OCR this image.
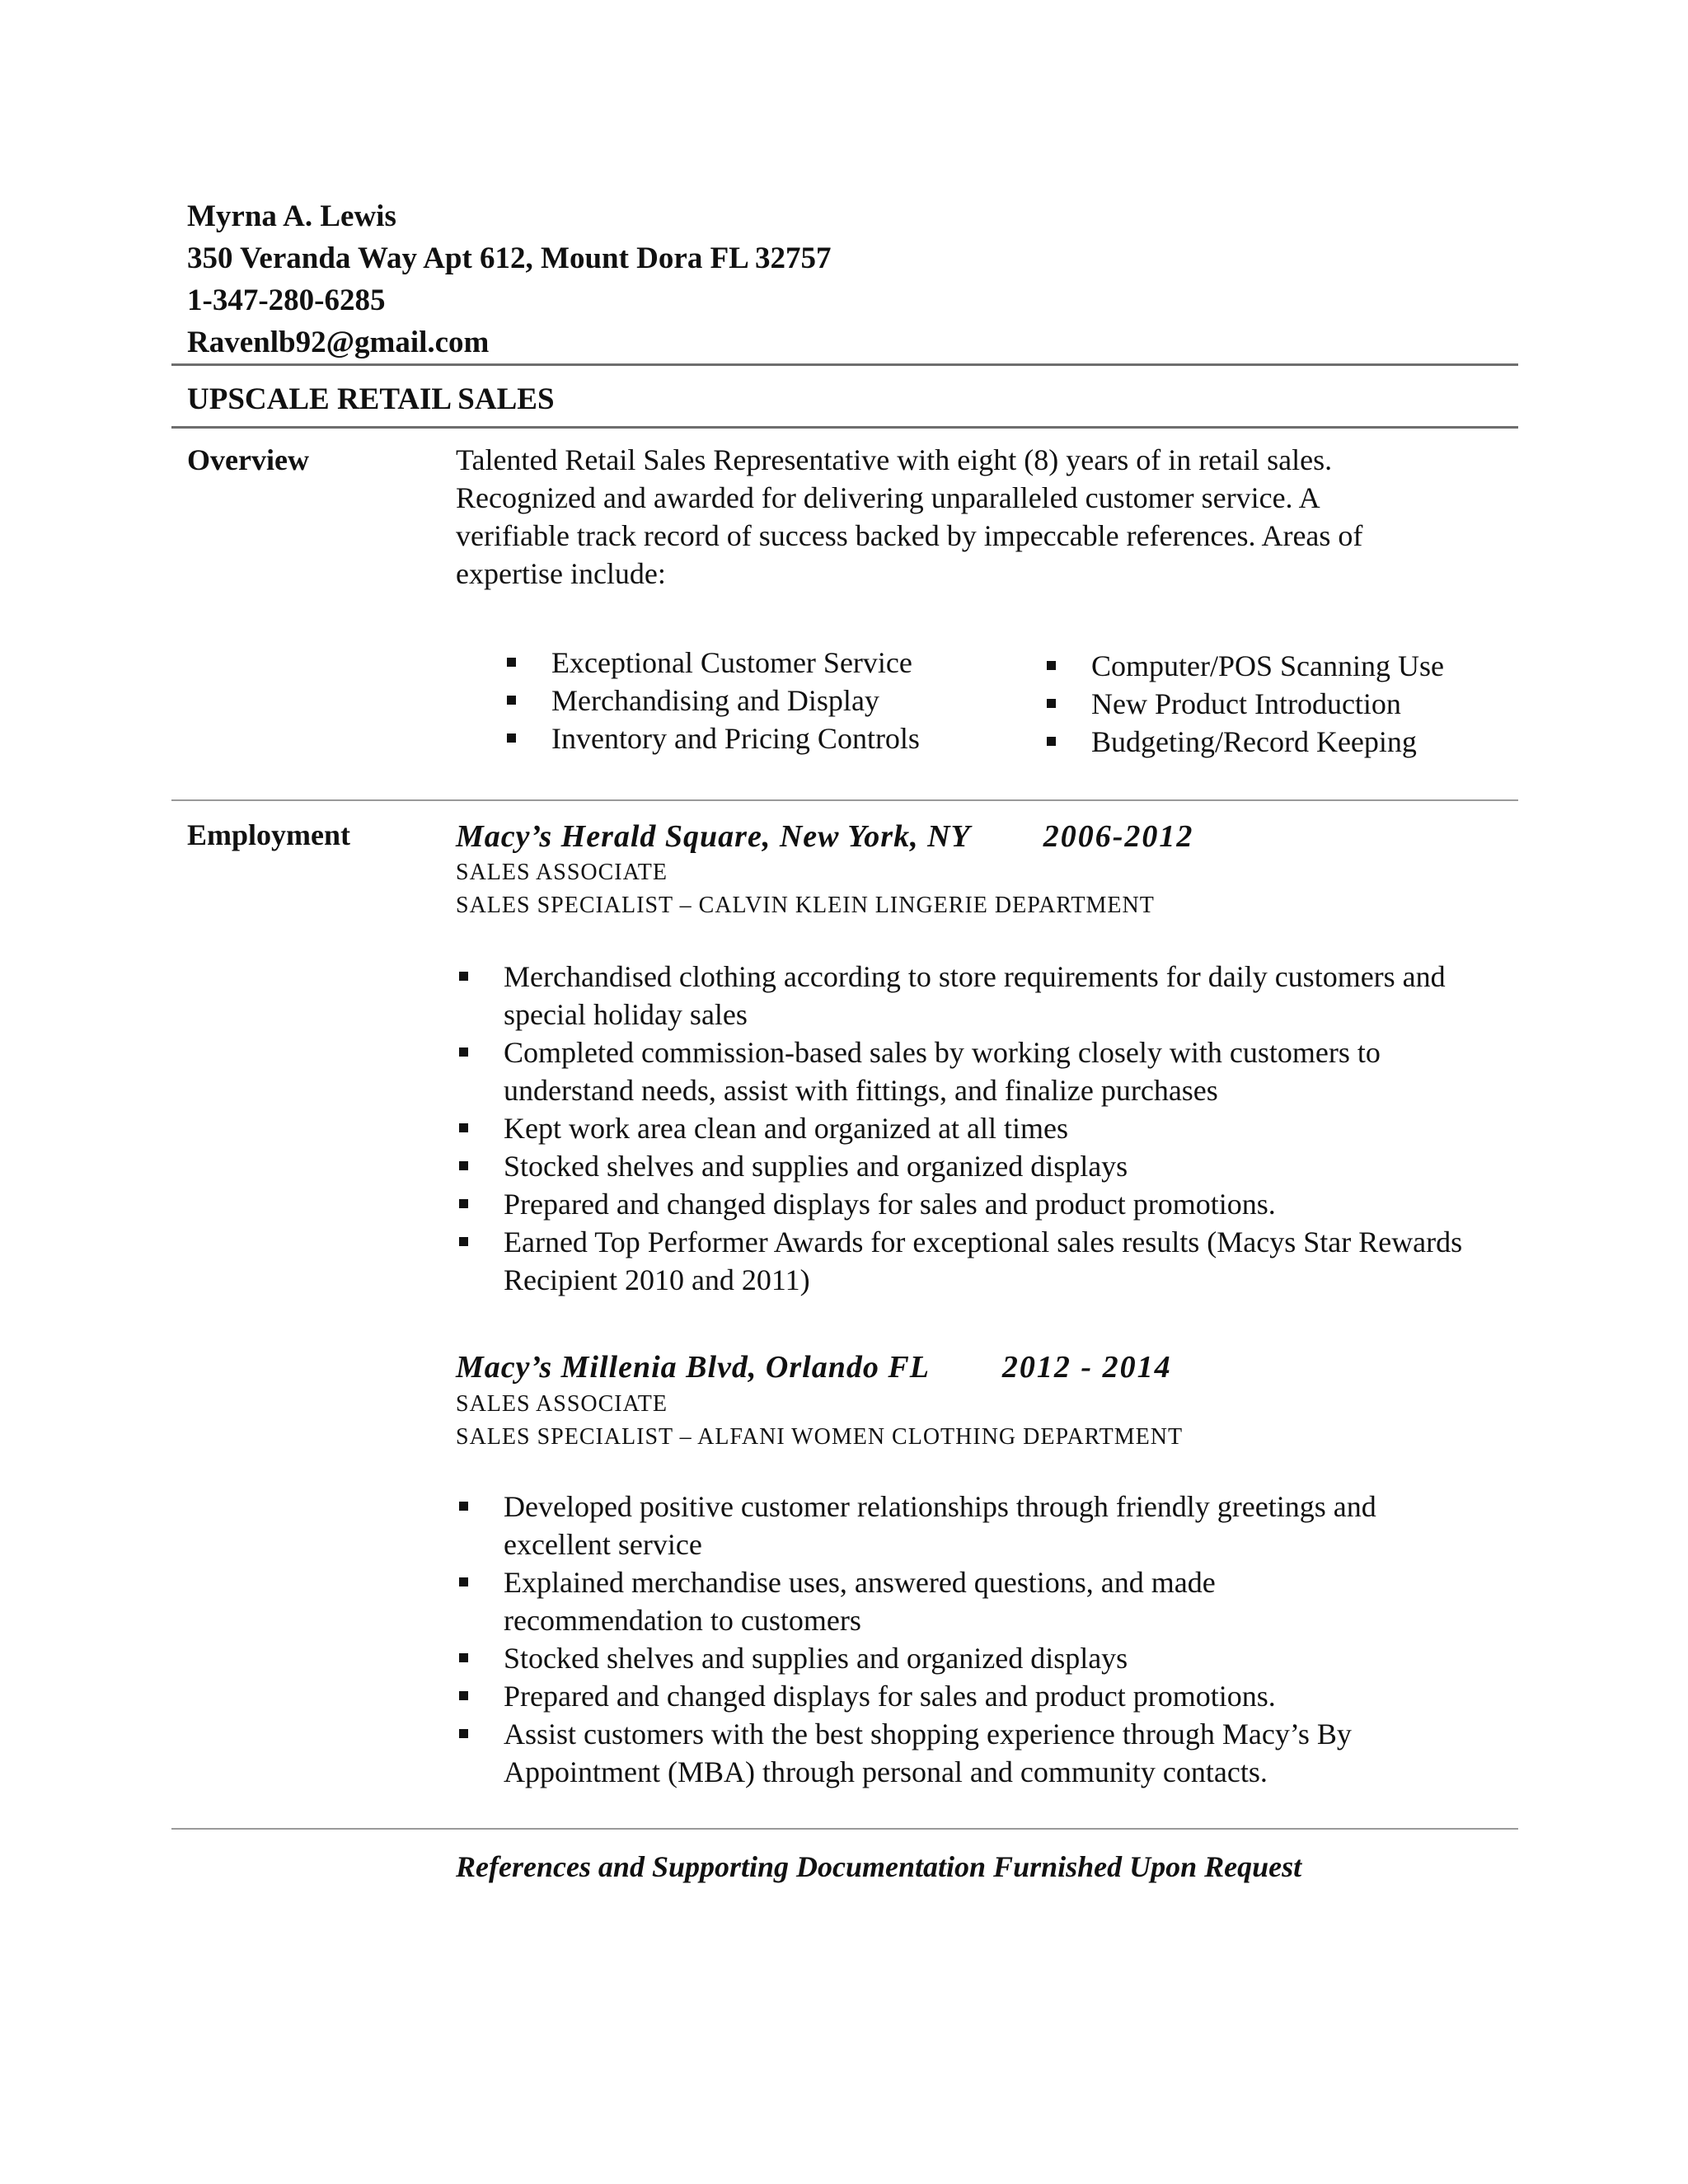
Myrna A. Lewis
350 Veranda Way Apt 612, Mount Dora FL 32757
1-347-280-6285
Ravenlb92@gmail.com
UPSCALE RETAIL SALES
Overview	Talented Retail Sales Representative with eight (8) years of in retail sales.
Recognized and awarded for delivering unparalleled customer service. A
verifiable track record of success backed by impeccable references. Areas of
expertise include:
Exceptional Customer Service
Merchandising and Display
Inventory and Pricing Controls
Computer/POS Scanning Use
New Product Introduction
Budgeting/Record Keeping
Employment	Macy’s Herald Square, New York, NY 2006-2012
SALES ASSOCIATE
SALES SPECIALIST – CALVIN KLEIN LINGERIE DEPARTMENT
Merchandised clothing according to store requirements for daily customers and special holiday sales
Completed commission-based sales by working closely with customers to understand needs, assist with fittings, and finalize purchases
Kept work area clean and organized at all times
Stocked shelves and supplies and organized displays
Prepared and changed displays for sales and product promotions.
Earned Top Performer Awards for exceptional sales results (Macys Star Rewards Recipient 2010 and 2011)
Macy’s Millenia Blvd, Orlando FL 2012 - 2014
SALES ASSOCIATE
SALES SPECIALIST – ALFANI WOMEN CLOTHING DEPARTMENT
Developed positive customer relationships through friendly greetings and excellent service
Explained merchandise uses, answered questions, and made recommendation to customers
Stocked shelves and supplies and organized displays
Prepared and changed displays for sales and product promotions.
Assist customers with the best shopping experience through Macy’s By Appointment (MBA) through personal and community contacts.
References and Supporting Documentation Furnished Upon Request
